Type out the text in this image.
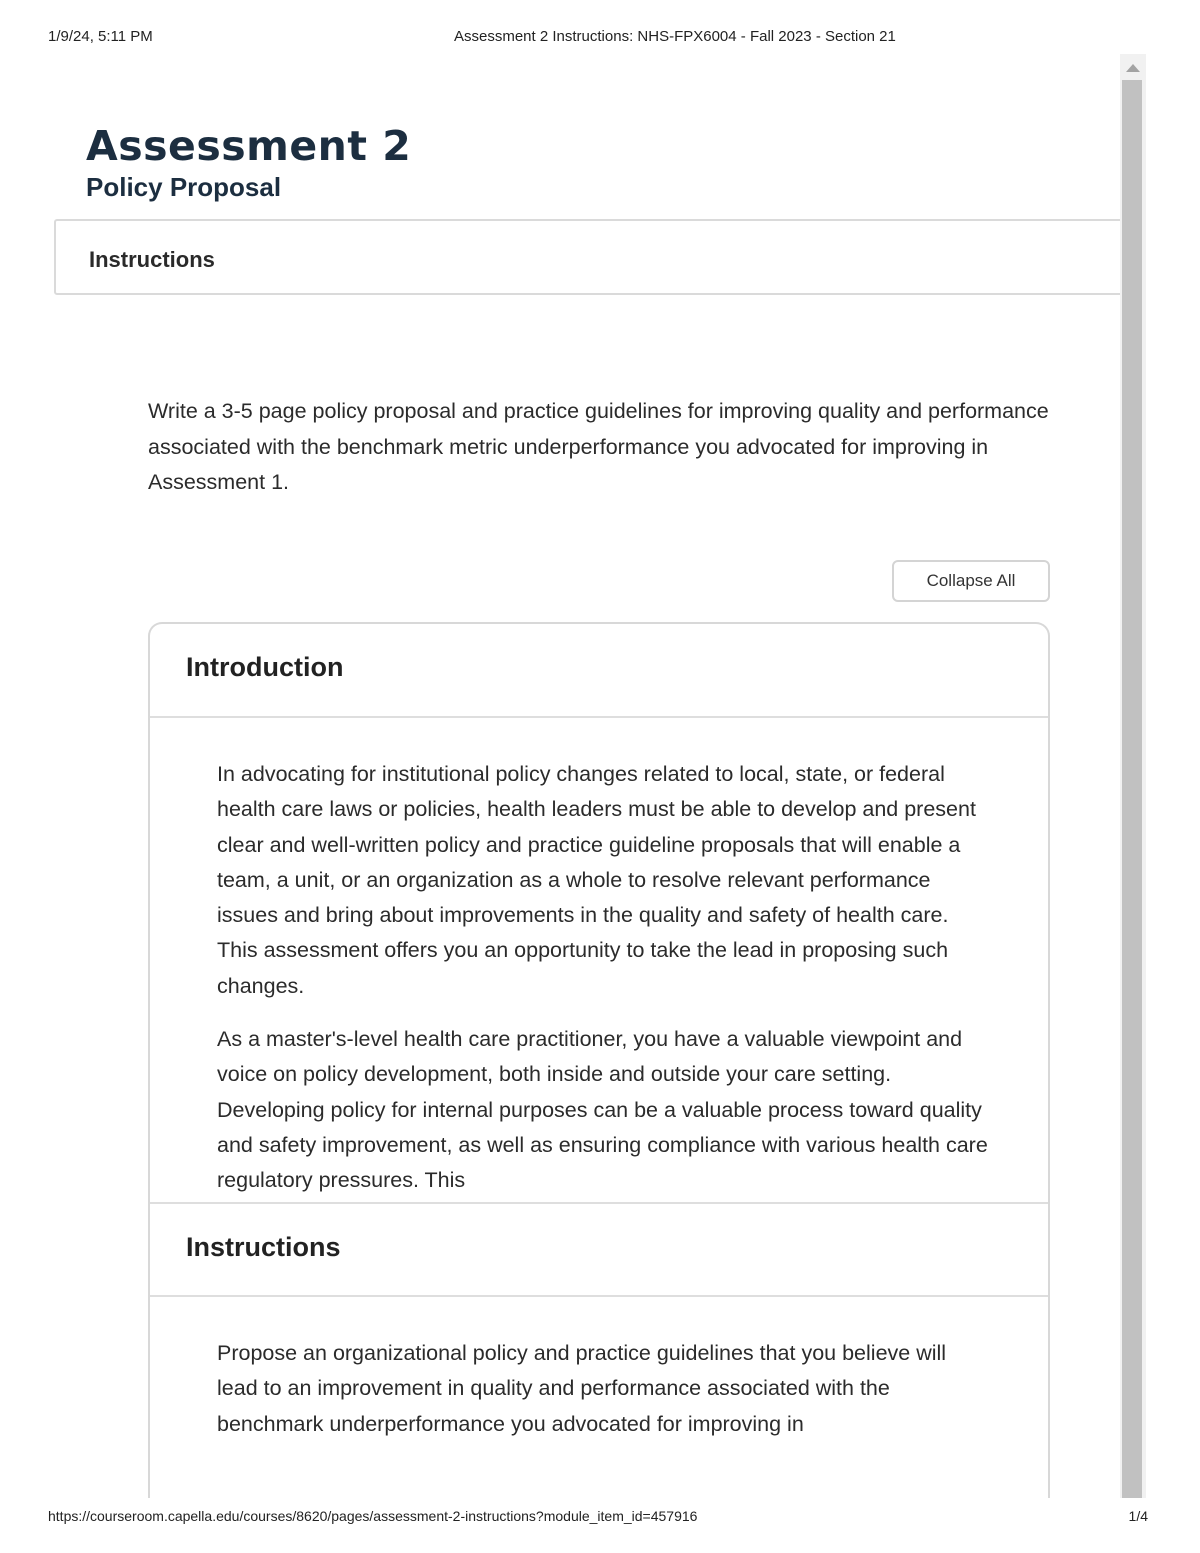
1/9/24, 5:11 PM	Assessment 2 Instructions: NHS-FPX6004 - Fall 2023 - Section 21
Assessment 2
Policy Proposal
Instructions

Write a 3-5 page policy proposal and practice guidelines for improving quality and performance associated with the benchmark metric underperformance you advocated for improving in Assessment 1.

Collapse All
Introduction

In advocating for institutional policy changes related to local, state, or federal health care laws or policies, health leaders must be able to develop and present clear and well-written policy and practice guideline proposals that will enable a team, a unit, or an organization as a whole to resolve relevant performance issues and bring about improvements in the quality and safety of health care. This assessment offers you an opportunity to take the lead in proposing such changes.

As a master's-level health care practitioner, you have a valuable viewpoint and voice on policy development, both inside and outside your care setting. Developing policy for internal purposes can be a valuable process toward quality and safety improvement, as well as ensuring compliance with various health care regulatory pressures. This

Instructions

Propose an organizational policy and practice guidelines that you believe will lead to an improvement in quality and performance associated with the benchmark underperformance you advocated for improving in

https://courseroom.capella.edu/courses/8620/pages/assessment-2-instructions?module_item_id=457916	1/4
